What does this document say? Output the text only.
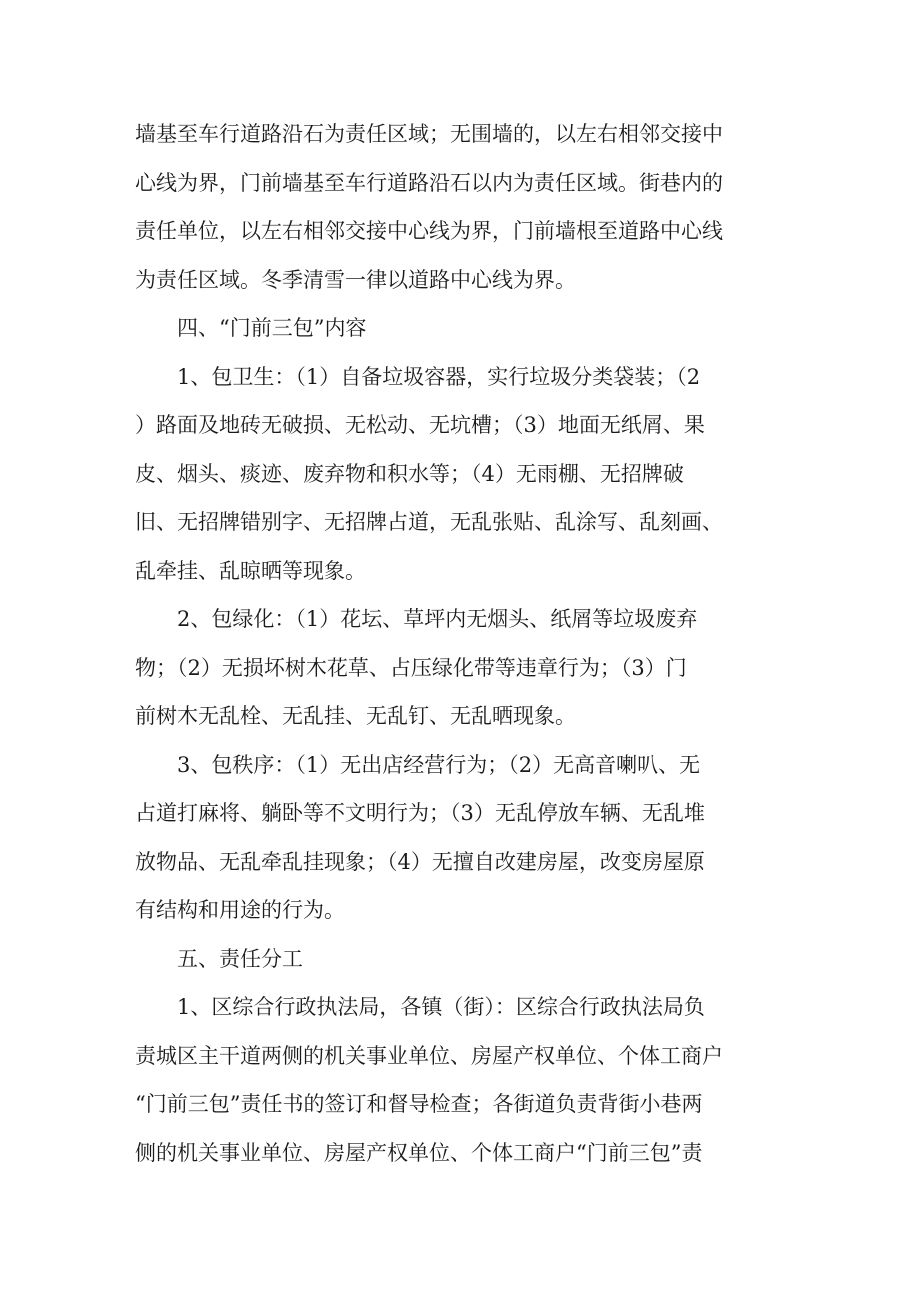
墙基至车行道路沿石为责任区域；无围墙的，以左右相邻交接中
心线为界，门前墙基至车行道路沿石以内为责任区域。街巷内的
责任单位，以左右相邻交接中心线为界，门前墙根至道路中心线
为责任区域。冬季清雪一律以道路中心线为界。

四、“门前三包”内容

1、包卫生：（1）自备垃圾容器，实行垃圾分类袋装；（2
）路面及地砖无破损、无松动、无坑槽；（3）地面无纸屑、果
皮、烟头、痰迹、废弃物和积水等；（4）无雨棚、无招牌破
旧、无招牌错别字、无招牌占道，无乱张贴、乱涂写、乱刻画、
乱牵挂、乱晾晒等现象。

2、包绿化：（1）花坛、草坪内无烟头、纸屑等垃圾废弃
物；（2）无损坏树木花草、占压绿化带等违章行为；（3）门
前树木无乱栓、无乱挂、无乱钉、无乱晒现象。

3、包秩序：（1）无出店经营行为；（2）无高音喇叭、无
占道打麻将、躺卧等不文明行为；（3）无乱停放车辆、无乱堆
放物品、无乱牵乱挂现象；（4）无擅自改建房屋，改变房屋原
有结构和用途的行为。

五、责任分工

1、区综合行政执法局，各镇（街）：区综合行政执法局负
责城区主干道两侧的机关事业单位、房屋产权单位、个体工商户
“门前三包”责任书的签订和督导检查；各街道负责背街小巷两
侧的机关事业单位、房屋产权单位、个体工商户“门前三包”责
